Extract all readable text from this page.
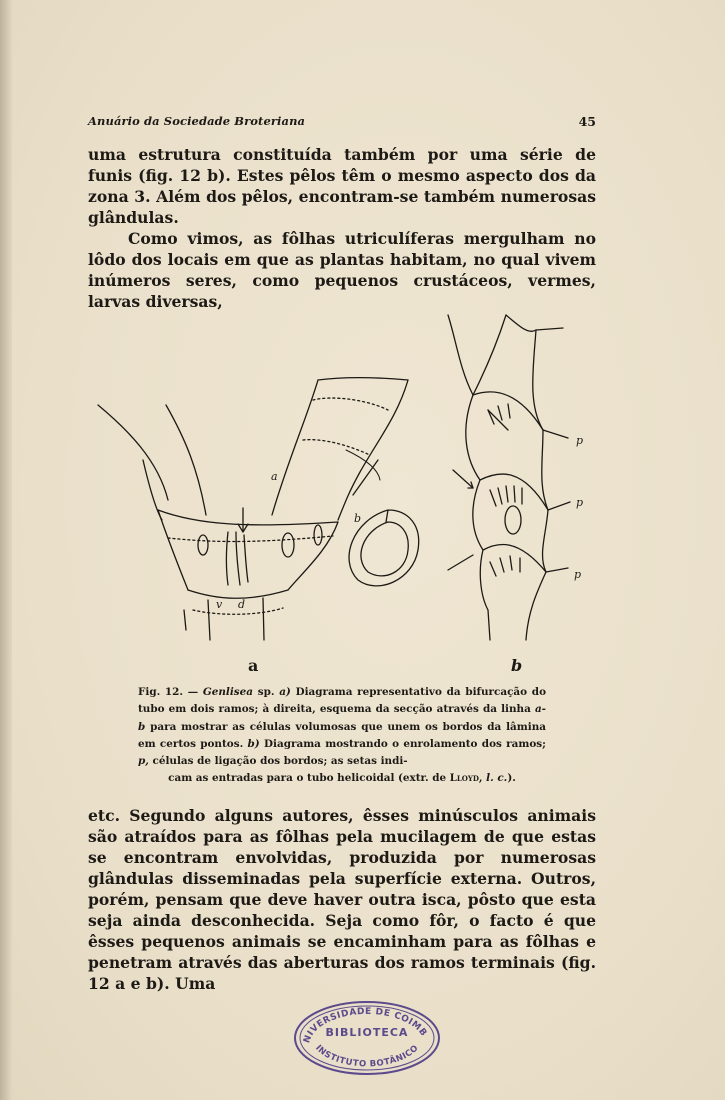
Anuário da Sociedade Broteriana	45

uma estrutura constituída também por uma série de funis (fig. 12 b). Estes pêlos têm o mesmo aspecto dos da zona 3. Além dos pêlos, encontram-se também numerosas glândulas.

Como vimos, as fôlhas utriculíferas mergulham no lôdo dos locais em que as plantas habitam, no qual vivem inúmeros seres, como pequenos crustáceos, vermes, larvas diversas,

a
b
v d
p
p
p
a	b
Fig. 12. — Genlisea sp. a) Diagrama representativo da bifurcação do tubo em dois ramos; à direita, esquema da secção através da linha a-b para mostrar as células volumosas que unem os bordos da lâmina em certos pontos. b) Diagrama mostrando o enrolamento dos ramos; p, células de ligação dos bordos; as setas indi-
cam as entradas para o tubo helicoidal (extr. de Lloyd, l. c.).

etc. Segundo alguns autores, êsses minúsculos animais são atraídos para as fôlhas pela mucilagem de que estas se encontram envolvidas, produzida por numerosas glândulas disseminadas pela superfície externa. Outros, porém, pensam que deve haver outra isca, pôsto que esta seja ainda desconhecida. Seja como fôr, o facto é que êsses pequenos animais se encaminham para as fôlhas e penetram através das aberturas dos ramos terminais (fig. 12 a e b). Uma

NIVERSIDADE DE COIMB
INSTITUTO BOTÂNICO
BIBLIOTECA
